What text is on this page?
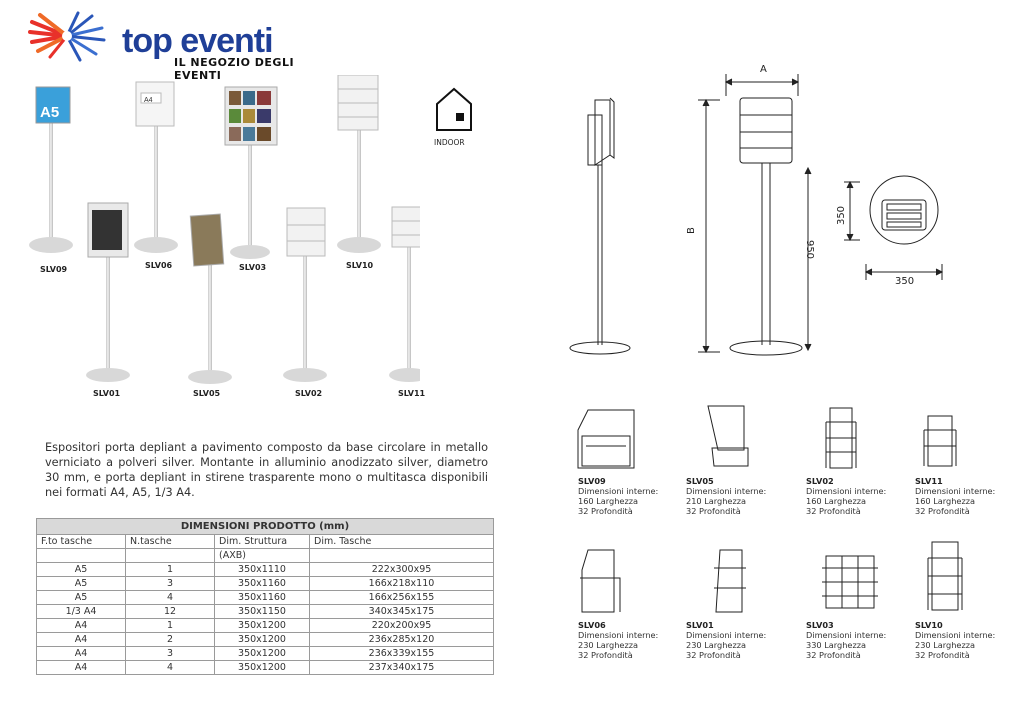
top eventi
IL NEGOZIO DEGLI EVENTI
A5
A4
SLV09	SLV06	SLV03	SLV10
SLV01	SLV05	SLV02	SLV11
INDOOR
Espositori porta depliant a pavimento composto da base circolare in metallo verniciato a polveri silver. Montante in alluminio anodizzato silver, diametro 30 mm, e porta depliant in stirene trasparente mono o multitasca disponibili nei formati A4, A5, 1/3 A4.
DIMENSIONI PRODOTTO (mm)			
F.to tasche	N.tasche	Dim. Struttura	Dim. Tasche
		(AXB)	
A5	1	350x1110	222x300x95
A5	3	350x1160	166x218x110
A5	4	350x1160	166x256x155
1/3 A4	12	350x1150	340x345x175
A4	1	350x1200	220x200x95
A4	2	350x1200	236x285x120
A4	3	350x1200	236x339x155
A4	4	350x1200	237x340x175
A
B
950
350
350
SLV09
Dimensioni interne:
160 Larghezza
32 Profondità
SLV05
Dimensioni interne:
210 Larghezza
32 Profondità
SLV02
Dimensioni interne:
160 Larghezza
32 Profondità
SLV11
Dimensioni interne:
160 Larghezza
32 Profondità
SLV06
Dimensioni interne:
230 Larghezza
32 Profondità
SLV01
Dimensioni interne:
230 Larghezza
32 Profondità
SLV03
Dimensioni interne:
330 Larghezza
32 Profondità
SLV10
Dimensioni interne:
230 Larghezza
32 Profondità
